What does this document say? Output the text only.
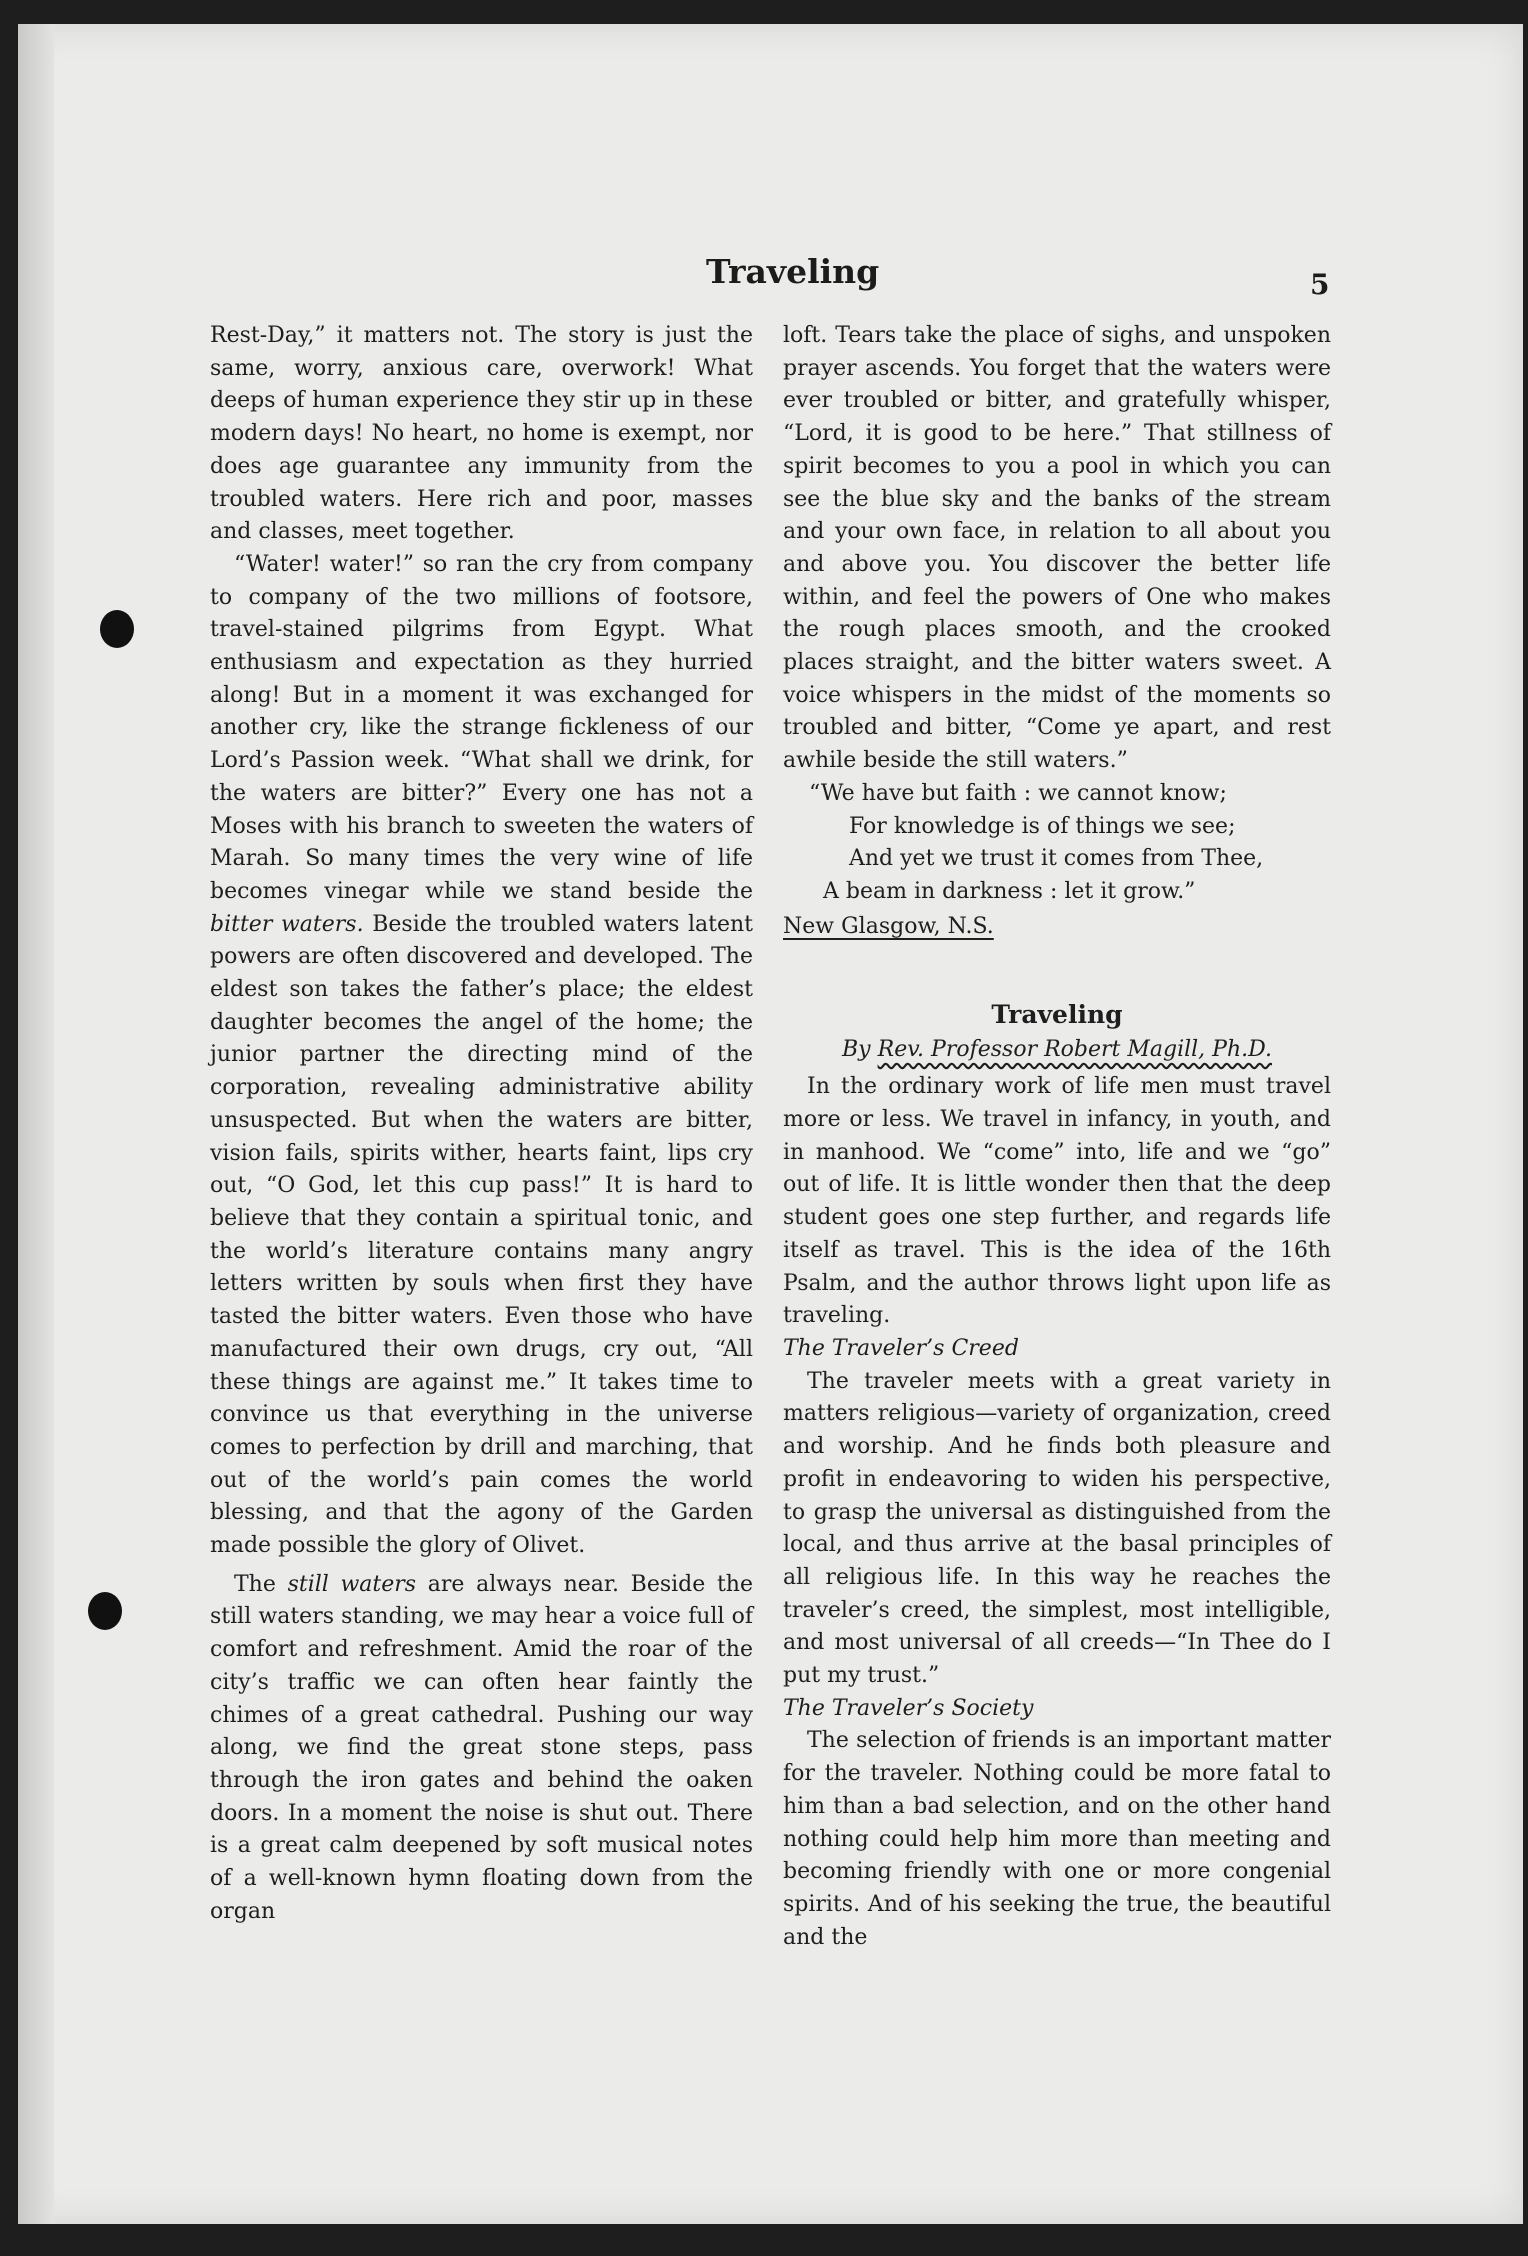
Traveling	5

Rest-Day,” it matters not. The story is just the same, worry, anxious care, overwork! What deeps of human experience they stir up in these modern days! No heart, no home is exempt, nor does age guarantee any immunity from the troubled waters. Here rich and poor, masses and classes, meet together.

“Water! water!” so ran the cry from company to company of the two millions of footsore, travel-stained pilgrims from Egypt. What enthusiasm and expectation as they hurried along! But in a moment it was exchanged for another cry, like the strange fickleness of our Lord’s Passion week. “What shall we drink, for the waters are bitter?” Every one has not a Moses with his branch to sweeten the waters of Marah. So many times the very wine of life becomes vinegar while we stand beside the bitter waters. Beside the troubled waters latent powers are often discovered and developed. The eldest son takes the father’s place; the eldest daughter becomes the angel of the home; the junior partner the directing mind of the corporation, revealing administrative ability unsuspected. But when the waters are bitter, vision fails, spirits wither, hearts faint, lips cry out, “O God, let this cup pass!” It is hard to believe that they contain a spiritual tonic, and the world’s literature contains many angry letters written by souls when first they have tasted the bitter waters. Even those who have manufactured their own drugs, cry out, “All these things are against me.” It takes time to convince us that everything in the universe comes to perfection by drill and marching, that out of the world’s pain comes the world blessing, and that the agony of the Garden made possible the glory of Olivet.

The still waters are always near. Beside the still waters standing, we may hear a voice full of comfort and refreshment. Amid the roar of the city’s traffic we can often hear faintly the chimes of a great cathedral. Pushing our way along, we find the great stone steps, pass through the iron gates and behind the oaken doors. In a moment the noise is shut out. There is a great calm deepened by soft musical notes of a well-known hymn floating down from the organ

loft. Tears take the place of sighs, and unspoken prayer ascends. You forget that the waters were ever troubled or bitter, and gratefully whisper, “Lord, it is good to be here.” That stillness of spirit becomes to you a pool in which you can see the blue sky and the banks of the stream and your own face, in relation to all about you and above you. You discover the better life within, and feel the powers of One who makes the rough places smooth, and the crooked places straight, and the bitter waters sweet. A voice whispers in the midst of the moments so troubled and bitter, “Come ye apart, and rest awhile beside the still waters.”

“We have but faith : we cannot know;
For knowledge is of things we see;
And yet we trust it comes from Thee,
A beam in darkness : let it grow.”
New Glasgow, N.S.
Traveling
By Rev. Professor Robert Magill, Ph.D.

In the ordinary work of life men must travel more or less. We travel in infancy, in youth, and in manhood. We “come” into, life and we “go” out of life. It is little wonder then that the deep student goes one step further, and regards life itself as travel. This is the idea of the 16th Psalm, and the author throws light upon life as traveling.

The Traveler’s Creed

The traveler meets with a great variety in matters religious—variety of organization, creed and worship. And he finds both pleasure and profit in endeavoring to widen his perspective, to grasp the universal as distinguished from the local, and thus arrive at the basal principles of all religious life. In this way he reaches the traveler’s creed, the simplest, most intelligible, and most universal of all creeds—“In Thee do I put my trust.”

The Traveler’s Society

The selection of friends is an important matter for the traveler. Nothing could be more fatal to him than a bad selection, and on the other hand nothing could help him more than meeting and becoming friendly with one or more congenial spirits. And of his seeking the true, the beautiful and the
